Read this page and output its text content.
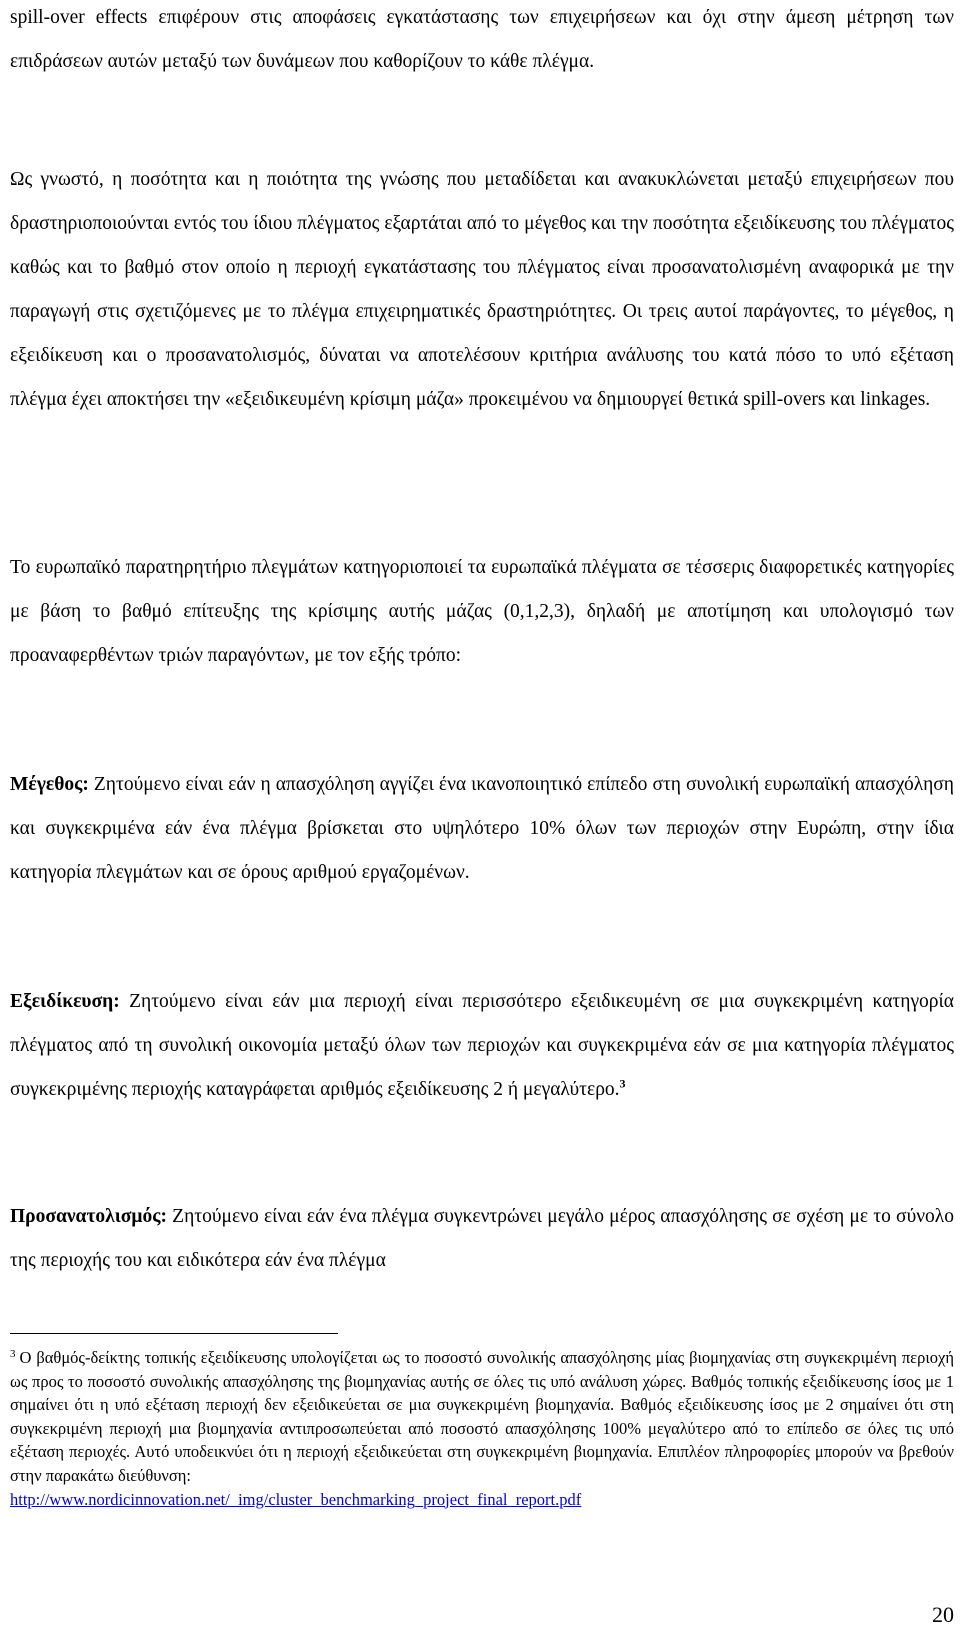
spill-over effects επιφέρουν στις αποφάσεις εγκατάστασης των επιχειρήσεων και όχι στην άμεση μέτρηση των επιδράσεων αυτών μεταξύ των δυνάμεων που καθορίζουν το κάθε πλέγμα.

Ως γνωστό, η ποσότητα και η ποιότητα της γνώσης που μεταδίδεται και ανακυκλώνεται μεταξύ επιχειρήσεων που δραστηριοποιούνται εντός του ίδιου πλέγματος εξαρτάται από το μέγεθος και την ποσότητα εξειδίκευσης του πλέγματος καθώς και το βαθμό στον οποίο η περιοχή εγκατάστασης του πλέγματος είναι προσανατολισμένη αναφορικά με την παραγωγή στις σχετιζόμενες με το πλέγμα επιχειρηματικές δραστηριότητες. Οι τρεις αυτοί παράγοντες, το μέγεθος, η εξειδίκευση και ο προσανατολισμός, δύναται να αποτελέσουν κριτήρια ανάλυσης του κατά πόσο το υπό εξέταση πλέγμα έχει αποκτήσει την «εξειδικευμένη κρίσιμη μάζα» προκειμένου να δημιουργεί θετικά spill-overs και linkages.

Το ευρωπαϊκό παρατηρητήριο πλεγμάτων κατηγοριοποιεί τα ευρωπαϊκά πλέγματα σε τέσσερις διαφορετικές κατηγορίες με βάση το βαθμό επίτευξης της κρίσιμης αυτής μάζας (0,1,2,3), δηλαδή με αποτίμηση και υπολογισμό των προαναφερθέντων τριών παραγόντων, με τον εξής τρόπο:

Μέγεθος: Ζητούμενο είναι εάν η απασχόληση αγγίζει ένα ικανοποιητικό επίπεδο στη συνολική ευρωπαϊκή απασχόληση και συγκεκριμένα εάν ένα πλέγμα βρίσκεται στο υψηλότερο 10% όλων των περιοχών στην Ευρώπη, στην ίδια κατηγορία πλεγμάτων και σε όρους αριθμού εργαζομένων.

Εξειδίκευση: Ζητούμενο είναι εάν μια περιοχή είναι περισσότερο εξειδικευμένη σε μια συγκεκριμένη κατηγορία πλέγματος από τη συνολική οικονομία μεταξύ όλων των περιοχών και συγκεκριμένα εάν σε μια κατηγορία πλέγματος συγκεκριμένης περιοχής καταγράφεται αριθμός εξειδίκευσης 2 ή μεγαλύτερο.$^3$

Προσανατολισμός: Ζητούμενο είναι εάν ένα πλέγμα συγκεντρώνει μεγάλο μέρος απασχόλησης σε σχέση με το σύνολο της περιοχής του και ειδικότερα εάν ένα πλέγμα

$^3$ Ο βαθμός-δείκτης τοπικής εξειδίκευσης υπολογίζεται ως το ποσοστό συνολικής απασχόλησης μίας βιομηχανίας στη συγκεκριμένη περιοχή ως προς το ποσοστό συνολικής απασχόλησης της βιομηχανίας αυτής σε όλες τις υπό ανάλυση χώρες. Βαθμός τοπικής εξειδίκευσης ίσος με 1 σημαίνει ότι η υπό εξέταση περιοχή δεν εξειδικεύεται σε μια συγκεκριμένη βιομηχανία. Βαθμός εξειδίκευσης ίσος με 2 σημαίνει ότι στη συγκεκριμένη περιοχή μια βιομηχανία αντιπροσωπεύεται από ποσοστό απασχόλησης 100% μεγαλύτερο από το επίπεδο σε όλες τις υπό εξέταση περιοχές. Αυτό υποδεικνύει ότι η περιοχή εξειδικεύεται στη συγκεκριμένη βιομηχανία. Επιπλέον πληροφορίες μπορούν να βρεθούν στην παρακάτω διεύθυνση:
http://www.nordicinnovation.net/_img/cluster_benchmarking_project_final_report.pdf

20
